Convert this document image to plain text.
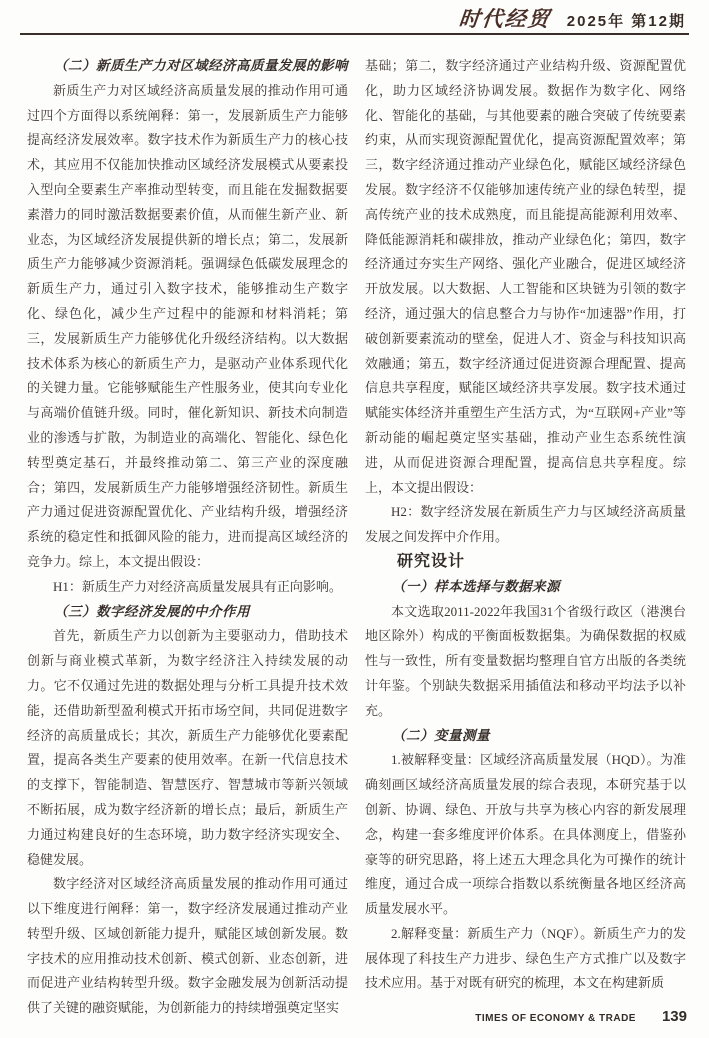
时代经贸 2025年 第12期

（二）新质生产力对区域经济高质量发展的影响

新质生产力对区域经济高质量发展的推动作用可通过四个方面得以系统阐释：第一，发展新质生产力能够提高经济发展效率。数字技术作为新质生产力的核心技术，其应用不仅能加快推动区域经济发展模式从要素投入型向全要素生产率推动型转变，而且能在发掘数据要素潜力的同时激活数据要素价值，从而催生新产业、新业态，为区域经济发展提供新的增长点；第二，发展新质生产力能够减少资源消耗。强调绿色低碳发展理念的新质生产力，通过引入数字技术，能够推动生产数字化、绿色化，减少生产过程中的能源和材料消耗；第三，发展新质生产力能够优化升级经济结构。以大数据技术体系为核心的新质生产力，是驱动产业体系现代化的关键力量。它能够赋能生产性服务业，使其向专业化与高端价值链升级。同时，催化新知识、新技术向制造业的渗透与扩散，为制造业的高端化、智能化、绿色化转型奠定基石，并最终推动第二、第三产业的深度融合；第四，发展新质生产力能够增强经济韧性。新质生产力通过促进资源配置优化、产业结构升级，增强经济系统的稳定性和抵御风险的能力，进而提高区域经济的竞争力。综上，本文提出假设：

H1：新质生产力对经济高质量发展具有正向影响。

（三）数字经济发展的中介作用

首先，新质生产力以创新为主要驱动力，借助技术创新与商业模式革新，为数字经济注入持续发展的动力。它不仅通过先进的数据处理与分析工具提升技术效能，还借助新型盈利模式开拓市场空间，共同促进数字经济的高质量成长；其次，新质生产力能够优化要素配置，提高各类生产要素的使用效率。在新一代信息技术的支撑下，智能制造、智慧医疗、智慧城市等新兴领域不断拓展，成为数字经济新的增长点；最后，新质生产力通过构建良好的生态环境，助力数字经济实现安全、稳健发展。

数字经济对区域经济高质量发展的推动作用可通过以下维度进行阐释：第一，数字经济发展通过推动产业转型升级、区域创新能力提升，赋能区域创新发展。数字技术的应用推动技术创新、模式创新、业态创新，进而促进产业结构转型升级。数字金融发展为创新活动提供了关键的融资赋能，为创新能力的持续增强奠定坚实

基础；第二，数字经济通过产业结构升级、资源配置优化，助力区域经济协调发展。数据作为数字化、网络化、智能化的基础，与其他要素的融合突破了传统要素约束，从而实现资源配置优化，提高资源配置效率；第三，数字经济通过推动产业绿色化，赋能区域经济绿色发展。数字经济不仅能够加速传统产业的绿色转型，提高传统产业的技术成熟度，而且能提高能源利用效率、降低能源消耗和碳排放，推动产业绿色化；第四，数字经济通过夯实生产网络、强化产业融合，促进区域经济开放发展。以大数据、人工智能和区块链为引领的数字经济，通过强大的信息整合力与协作“加速器”作用，打破创新要素流动的壁垒，促进人才、资金与科技知识高效融通；第五，数字经济通过促进资源合理配置、提高信息共享程度，赋能区域经济共享发展。数字技术通过赋能实体经济并重塑生产生活方式，为“互联网+产业”等新动能的崛起奠定坚实基础，推动产业生态系统性演进，从而促进资源合理配置，提高信息共享程度。综上，本文提出假设：

H2：数字经济发展在新质生产力与区域经济高质量发展之间发挥中介作用。

研究设计

（一）样本选择与数据来源

本文选取2011-2022年我国31个省级行政区（港澳台地区除外）构成的平衡面板数据集。为确保数据的权威性与一致性，所有变量数据均整理自官方出版的各类统计年鉴。个别缺失数据采用插值法和移动平均法予以补充。

（二）变量测量

1.被解释变量：区域经济高质量发展（HQD）。为准确刻画区域经济高质量发展的综合表现，本研究基于以创新、协调、绿色、开放与共享为核心内容的新发展理念，构建一套多维度评价体系。在具体测度上，借鉴孙豪等的研究思路，将上述五大理念具化为可操作的统计维度，通过合成一项综合指数以系统衡量各地区经济高质量发展水平。

2.解释变量：新质生产力（NQF）。新质生产力的发展体现了科技生产力进步、绿色生产方式推广以及数字技术应用。基于对既有研究的梳理，本文在构建新质

TIMES OF ECONOMY & TRADE 139
